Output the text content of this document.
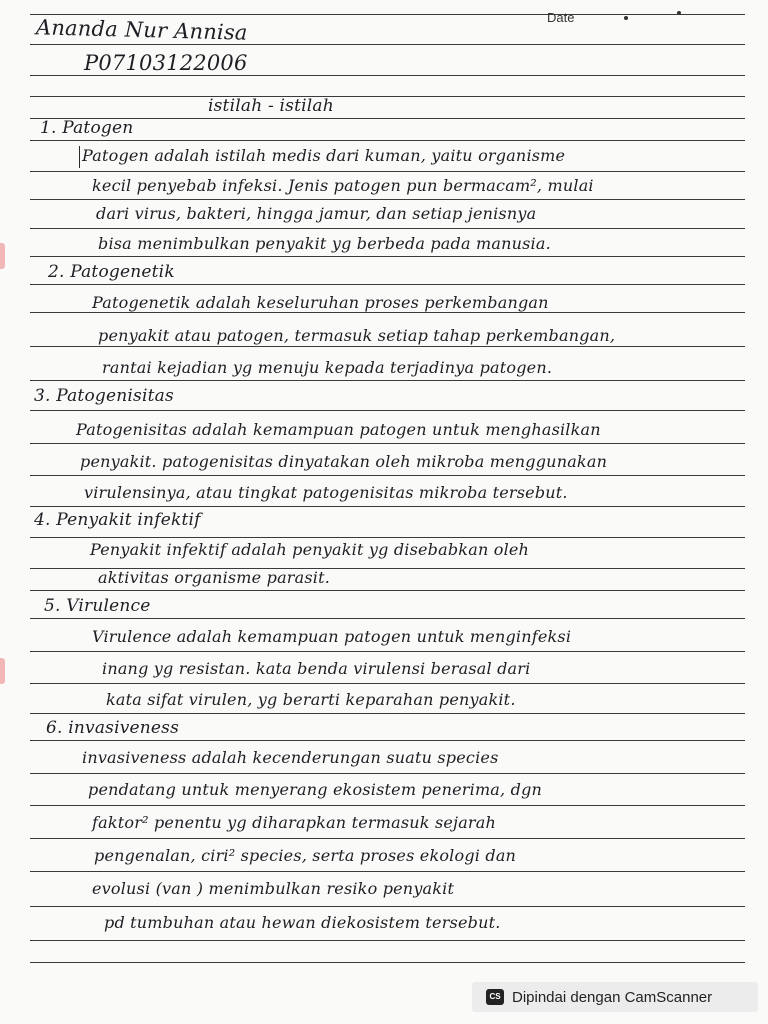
Date
Ananda Nur Annisa
P07103122006
istilah - istilah
1. Patogen
Patogen adalah istilah medis dari kuman, yaitu organisme
kecil penyebab infeksi. Jenis patogen pun bermacam², mulai
dari virus, bakteri, hingga jamur, dan setiap jenisnya
bisa menimbulkan penyakit yg berbeda pada manusia.
2. Patogenetik
Patogenetik adalah keseluruhan proses perkembangan
penyakit atau patogen, termasuk setiap tahap perkembangan,
rantai kejadian yg menuju kepada terjadinya patogen.
3. Patogenisitas
Patogenisitas adalah kemampuan patogen untuk menghasilkan
penyakit. patogenisitas dinyatakan oleh mikroba menggunakan
virulensinya, atau tingkat patogenisitas mikroba tersebut.
4. Penyakit infektif
Penyakit infektif adalah penyakit yg disebabkan oleh
aktivitas organisme parasit.
5. Virulence
Virulence adalah kemampuan patogen untuk menginfeksi
inang yg resistan. kata benda virulensi berasal dari
kata sifat virulen, yg berarti keparahan penyakit.
6. invasiveness
invasiveness adalah kecenderungan suatu species
pendatang untuk menyerang ekosistem penerima, dgn
faktor² penentu yg diharapkan termasuk sejarah
pengenalan, ciri² species, serta proses ekologi dan
evolusi (van ) menimbulkan resiko penyakit
pd tumbuhan atau hewan diekosistem tersebut.
CS Dipindai dengan CamScanner
